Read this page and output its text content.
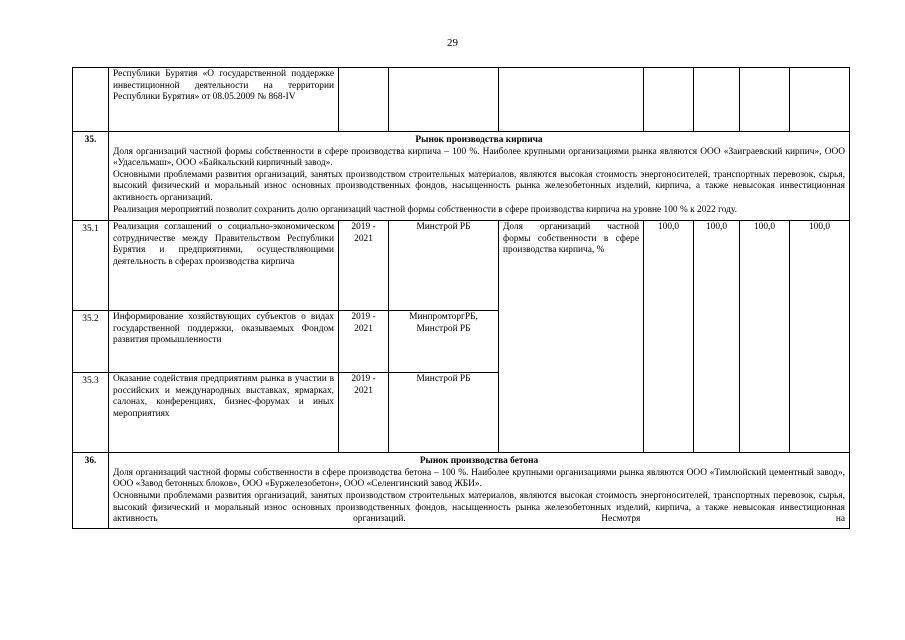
29
	Республики Бурятия «О государственной поддержке инвестиционной деятельности на территории Республики Бурятия» от 08.05.2009 № 868-IV							
35.	Рынок производства кирпича
Доля организаций частной формы собственности в сфере производства кирпича – 100 %. Наиболее крупными организациями рынка являются ООО «Заиграевский кирпич», ООО «Удасельмаш», ООО «Байкальский кирпичный завод».
Основными проблемами развития организаций, занятых производством строительных материалов, являются высокая стоимость энергоносителей, транспортных перевозок, сырья, высокий физический и моральный износ основных производственных фондов, насыщенность рынка железобетонных изделий, кирпича, а также невысокая инвестиционная активность организаций.
Реализация мероприятий позволит сохранить долю организаций частной формы собственности в сфере производства кирпича на уровне 100 % к 2022 году.							

35.1	Реализация соглашений о социально-экономическом сотрудничестве между Правительством Республики Бурятия и предприятиями, осуществляющими деятельность в сферах производства кирпича	2019 - 2021	Минстрой РБ	Доля организаций частной формы собственности в сфере производства кирпича, %	100,0	100,0	100,0	100,0
35.2	Информирование хозяйствующих субъектов о видах государственной поддержки, оказываемых Фондом развития промышленности	2019 - 2021	МинпромторгРБ, Минстрой РБ					
35.3	Оказание содействия предприятиям рынка в участии в российских и международных выставках, ярмарках, салонах, конференциях, бизнес-форумах и иных мероприятиях	2019 - 2021	Минстрой РБ					
36.	Рынок производства бетона
Доля организаций частной формы собственности в сфере производства бетона – 100 %. Наиболее крупными организациями рынка являются ООО «Тимлюйский цементный завод», ООО «Завод бетонных блоков», ООО «Буржелезобетон», ООО «Селенгинский завод ЖБИ».
Основными проблемами развития организаций, занятых производством строительных материалов, являются высокая стоимость энергоносителей, транспортных перевозок, сырья, высокий физический и моральный износ основных производственных фондов, насыщенность рынка железобетонных изделий, кирпича, а также невысокая инвестиционная активность организаций. Несмотря на							
